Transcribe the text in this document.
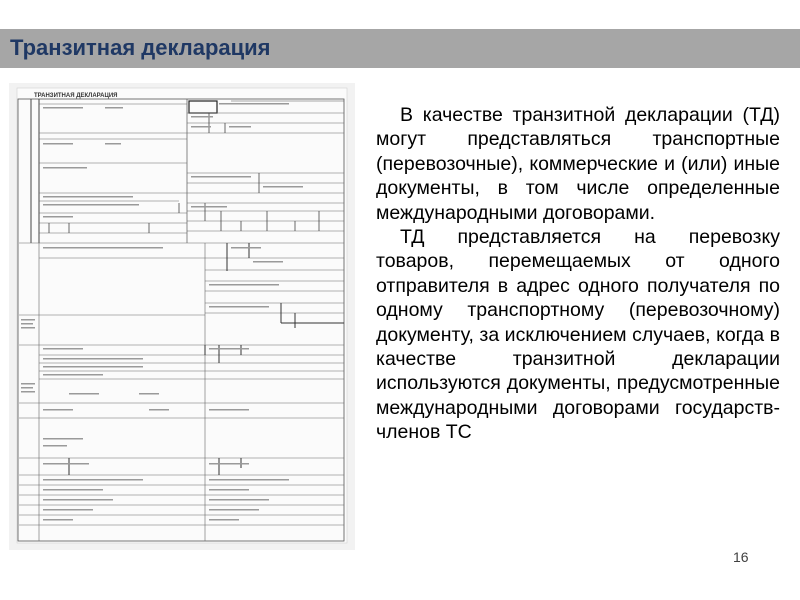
Транзитная декларация
ТРАНЗИТНАЯ ДЕКЛАРАЦИЯ

В качестве транзитной декларации (ТД) могут представляться транспортные (перевозочные), коммерческие и (или) иные документы, в том числе определенные международными договорами.

ТД представляется на перевозку товаров, перемещаемых от одного отправителя в адрес одного получателя по одному транспортному (перевозочному) документу, за исключением случаев, когда в качестве транзитной декларации используются документы, предусмотренные международными договорами государств-членов ТС

16
